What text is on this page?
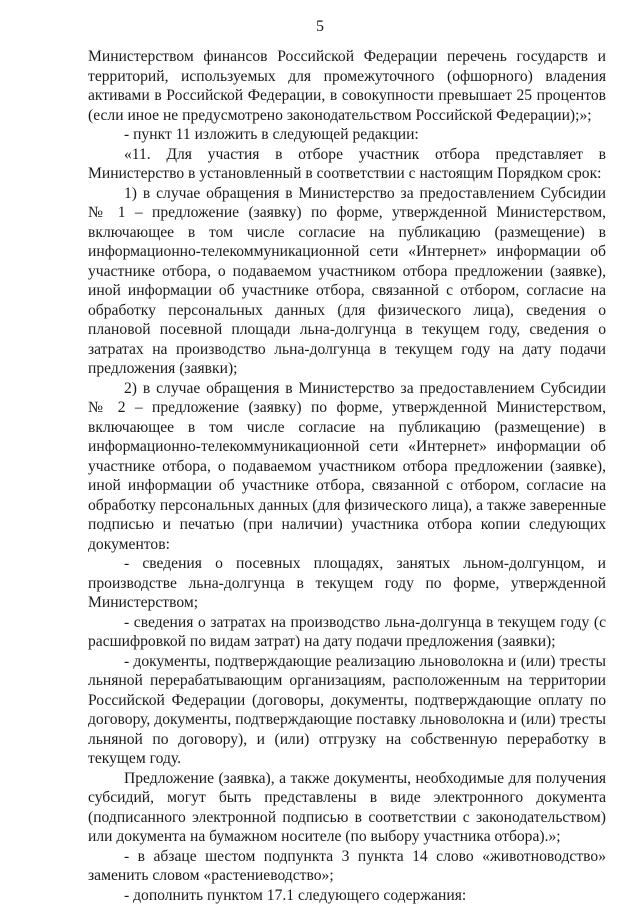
5

Министерством финансов Российской Федерации перечень государств и территорий, используемых для промежуточного (офшорного) владения активами в Российской Федерации, в совокупности превышает 25 процентов (если иное не предусмотрено законодательством Российской Федерации);»;

- пункт 11 изложить в следующей редакции:

«11. Для участия в отборе участник отбора представляет в Министерство в установленный в соответствии с настоящим Порядком срок:

1) в случае обращения в Министерство за предоставлением Субсидии № 1 – предложение (заявку) по форме, утвержденной Министерством, включающее в том числе согласие на публикацию (размещение) в информационно-телекоммуникационной сети «Интернет» информации об участнике отбора, о подаваемом участником отбора предложении (заявке), иной информации об участнике отбора, связанной с отбором, согласие на обработку персональных данных (для физического лица), сведения о плановой посевной площади льна-долгунца в текущем году, сведения о затратах на производство льна-долгунца в текущем году на дату подачи предложения (заявки);

2) в случае обращения в Министерство за предоставлением Субсидии № 2 – предложение (заявку) по форме, утвержденной Министерством, включающее в том числе согласие на публикацию (размещение) в информационно-телекоммуникационной сети «Интернет» информации об участнике отбора, о подаваемом участником отбора предложении (заявке), иной информации об участнике отбора, связанной с отбором, согласие на обработку персональных данных (для физического лица), а также заверенные подписью и печатью (при наличии) участника отбора копии следующих документов:

- сведения о посевных площадях, занятых льном-долгунцом, и производстве льна-долгунца в текущем году по форме, утвержденной Министерством;

- сведения о затратах на производство льна-долгунца в текущем году (с расшифровкой по видам затрат) на дату подачи предложения (заявки);

- документы, подтверждающие реализацию льноволокна и (или) тресты льняной перерабатывающим организациям, расположенным на территории Российской Федерации (договоры, документы, подтверждающие оплату по договору, документы, подтверждающие поставку льноволокна и (или) тресты льняной по договору), и (или) отгрузку на собственную переработку в текущем году.

Предложение (заявка), а также документы, необходимые для получения субсидий, могут быть представлены в виде электронного документа (подписанного электронной подписью в соответствии с законодательством) или документа на бумажном носителе (по выбору участника отбора).»;

- в абзаце шестом подпункта 3 пункта 14 слово «животноводство» заменить словом «растениеводство»;

- дополнить пунктом 17.1 следующего содержания:
